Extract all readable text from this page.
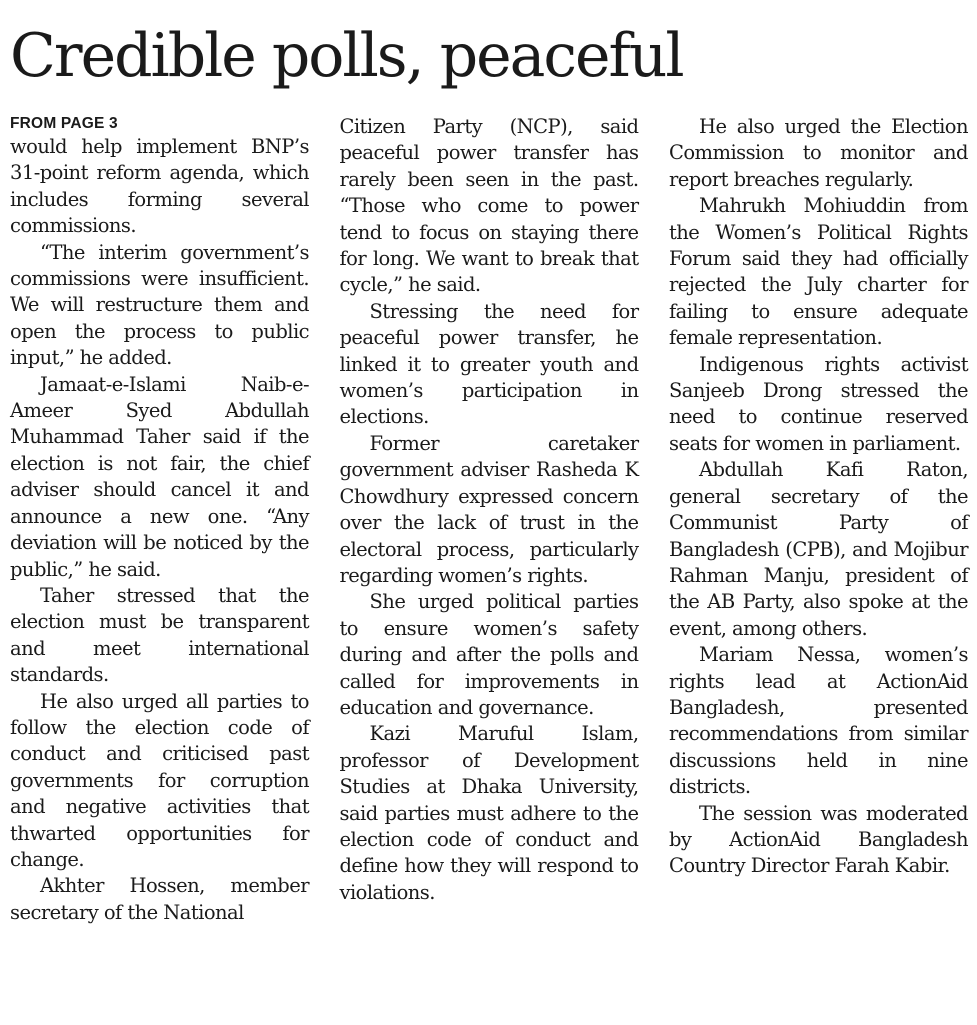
Credible polls, peaceful
FROM PAGE 3

would help implement BNP’s 31-point reform agenda, which includes forming several commissions.

“The interim government’s commissions were insufficient. We will restructure them and open the process to public input,” he added.

Jamaat-e-Islami Naib-e-Ameer Syed Abdullah Muhammad Taher said if the election is not fair, the chief adviser should cancel it and announce a new one. “Any deviation will be noticed by the public,” he said.

Taher stressed that the election must be transparent and meet international standards.

He also urged all parties to follow the election code of conduct and criticised past governments for corruption and negative activities that thwarted opportunities for change.

Akhter Hossen, member secretary of the National

Citizen Party (NCP), said peaceful power transfer has rarely been seen in the past. “Those who come to power tend to focus on staying there for long. We want to break that cycle,” he said.

Stressing the need for peaceful power transfer, he linked it to greater youth and women’s participation in elections.

Former caretaker government adviser Rasheda K Chowdhury expressed concern over the lack of trust in the electoral process, particularly regarding women’s rights.

She urged political parties to ensure women’s safety during and after the polls and called for improvements in education and governance.

Kazi Maruful Islam, professor of Development Studies at Dhaka University, said parties must adhere to the election code of conduct and define how they will respond to violations.

He also urged the Election Commission to monitor and report breaches regularly.

Mahrukh Mohiuddin from the Women’s Political Rights Forum said they had officially rejected the July charter for failing to ensure adequate female representation.

Indigenous rights activist Sanjeeb Drong stressed the need to continue reserved seats for women in parliament.

Abdullah Kafi Raton, general secretary of the Communist Party of Bangladesh (CPB), and Mojibur Rahman Manju, president of the AB Party, also spoke at the event, among others.

Mariam Nessa, women’s rights lead at ActionAid Bangladesh, presented recommendations from similar discussions held in nine districts.

The session was moderated by ActionAid Bangladesh Country Director Farah Kabir.
